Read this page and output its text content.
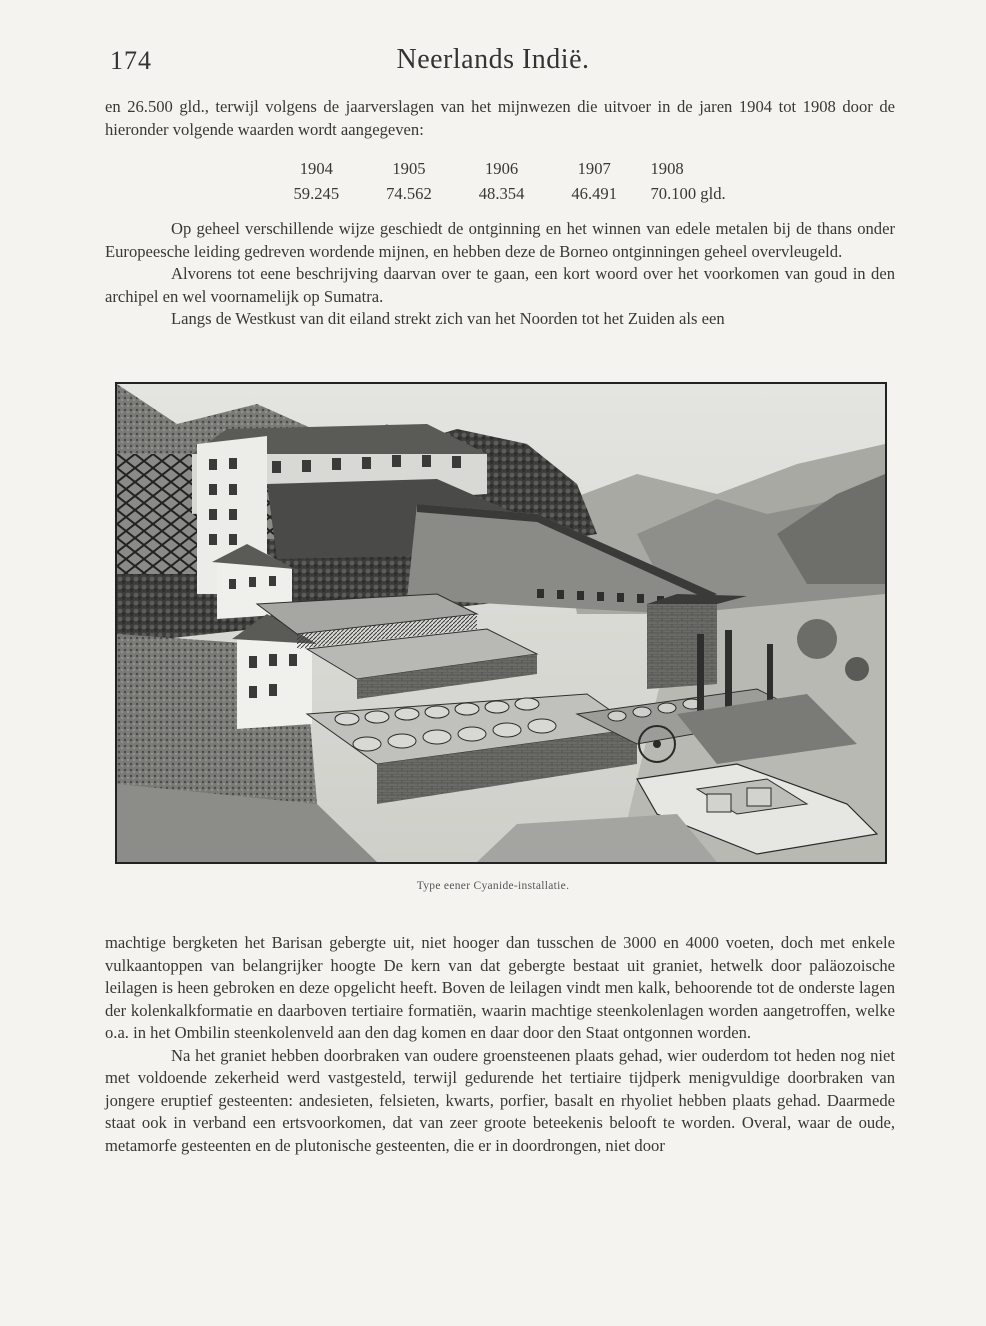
174	Neerlands Indië.

en 26.500 gld., terwijl volgens de jaarverslagen van het mijnwezen die uitvoer in de jaren 1904 tot 1908 door de hieronder volgende waarden wordt aangegeven:

1904	1905	1906	1907	1908
59.245	74.562	48.354	46.491	70.100 gld.

Op geheel verschillende wijze geschiedt de ontginning en het winnen van edele metalen bij de thans onder Europeesche leiding gedreven wordende mijnen, en hebben deze de Borneo ontginningen geheel overvleugeld.

Alvorens tot eene beschrijving daarvan over te gaan, een kort woord over het voorkomen van goud in den archipel en wel voornamelijk op Sumatra.

Langs de Westkust van dit eiland strekt zich van het Noorden tot het Zuiden als een

Type eener Cyanide-installatie.

machtige bergketen het Barisan gebergte uit, niet hooger dan tusschen de 3000 en 4000 voeten, doch met enkele vulkaantoppen van belangrijker hoogte De kern van dat gebergte bestaat uit graniet, hetwelk door paläozoische leilagen is heen gebroken en deze opgelicht heeft. Boven de leilagen vindt men kalk, behoorende tot de onderste lagen der kolenkalkformatie en daarboven tertiaire formatiën, waarin machtige steenkolenlagen worden aangetroffen, welke o.a. in het Ombilin steenkolenveld aan den dag komen en daar door den Staat ontgonnen worden.

Na het graniet hebben doorbraken van oudere groensteenen plaats gehad, wier ouderdom tot heden nog niet met voldoende zekerheid werd vastgesteld, terwijl gedurende het tertiaire tijdperk menigvuldige doorbraken van jongere eruptief gesteenten: andesieten, felsieten, kwarts, porfier, basalt en rhyoliet hebben plaats gehad. Daarmede staat ook in verband een ertsvoorkomen, dat van zeer groote beteekenis belooft te worden. Overal, waar de oude, metamorfe gesteenten en de plutonische gesteenten, die er in doordrongen, niet door
